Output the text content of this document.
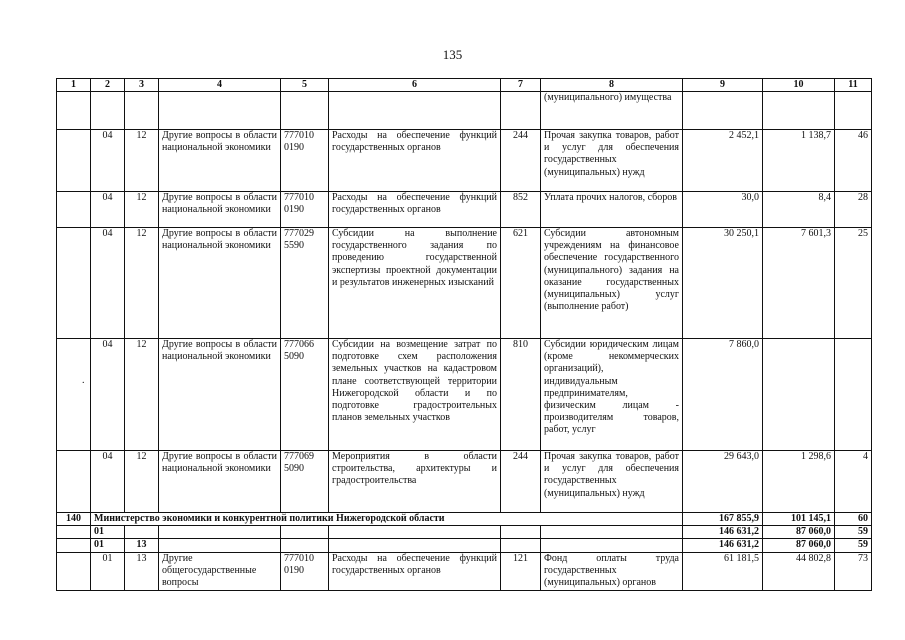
135
1	2	3	4	5	6	7	8	9	10	11
							(муниципального) имущества			
	04	12	Другие вопросы в области национальной экономики	777010 0190	Расходы на обеспечение функций государственных органов	244	Прочая закупка товаров, работ и услуг для обеспечения государственных (муниципальных) нужд	2 452,1	1 138,7	46
	04	12	Другие вопросы в области национальной экономики	777010 0190	Расходы на обеспечение функций государственных органов	852	Уплата прочих налогов, сборов	30,0	8,4	28
	04	12	Другие вопросы в области национальной экономики	777029 5590	Субсидии на выполнение государственного задания по проведению государственной экспертизы проектной документации и результатов инженерных изысканий	621	Субсидии автономным учреждениям на финансовое обеспечение государственного (муниципального) задания на оказание государственных (муниципальных) услуг (выполнение работ)	30 250,1	7 601,3	25
	04	12	Другие вопросы в области национальной экономики	777066 5090	Субсидии на возмещение затрат по подготовке схем расположения земельных участков на кадастровом плане соответствующей территории Нижегородской области и по подготовке градостроительных планов земельных участков	810	Субсидии юридическим лицам (кроме некоммерческих организаций), индивидуальным предпринимателям, физическим лицам - производителям товаров, работ, услуг	7 860,0		
	04	12	Другие вопросы в области национальной экономики	777069 5090	Мероприятия в области строительства, архитектуры и градостроительства	244	Прочая закупка товаров, работ и услуг для обеспечения государственных (муниципальных) нужд	29 643,0	1 298,6	4
140	Министерство экономики и конкурентной политики Нижегородской области							167 855,9	101 145,1	60
	01							146 631,2	87 060,0	59
	01	13						146 631,2	87 060,0	59
	01	13	Другие общегосударственные вопросы	777010 0190	Расходы на обеспечение функций государственных органов	121	Фонд оплаты труда государственных (муниципальных) органов	61 181,5	44 802,8	73
.
